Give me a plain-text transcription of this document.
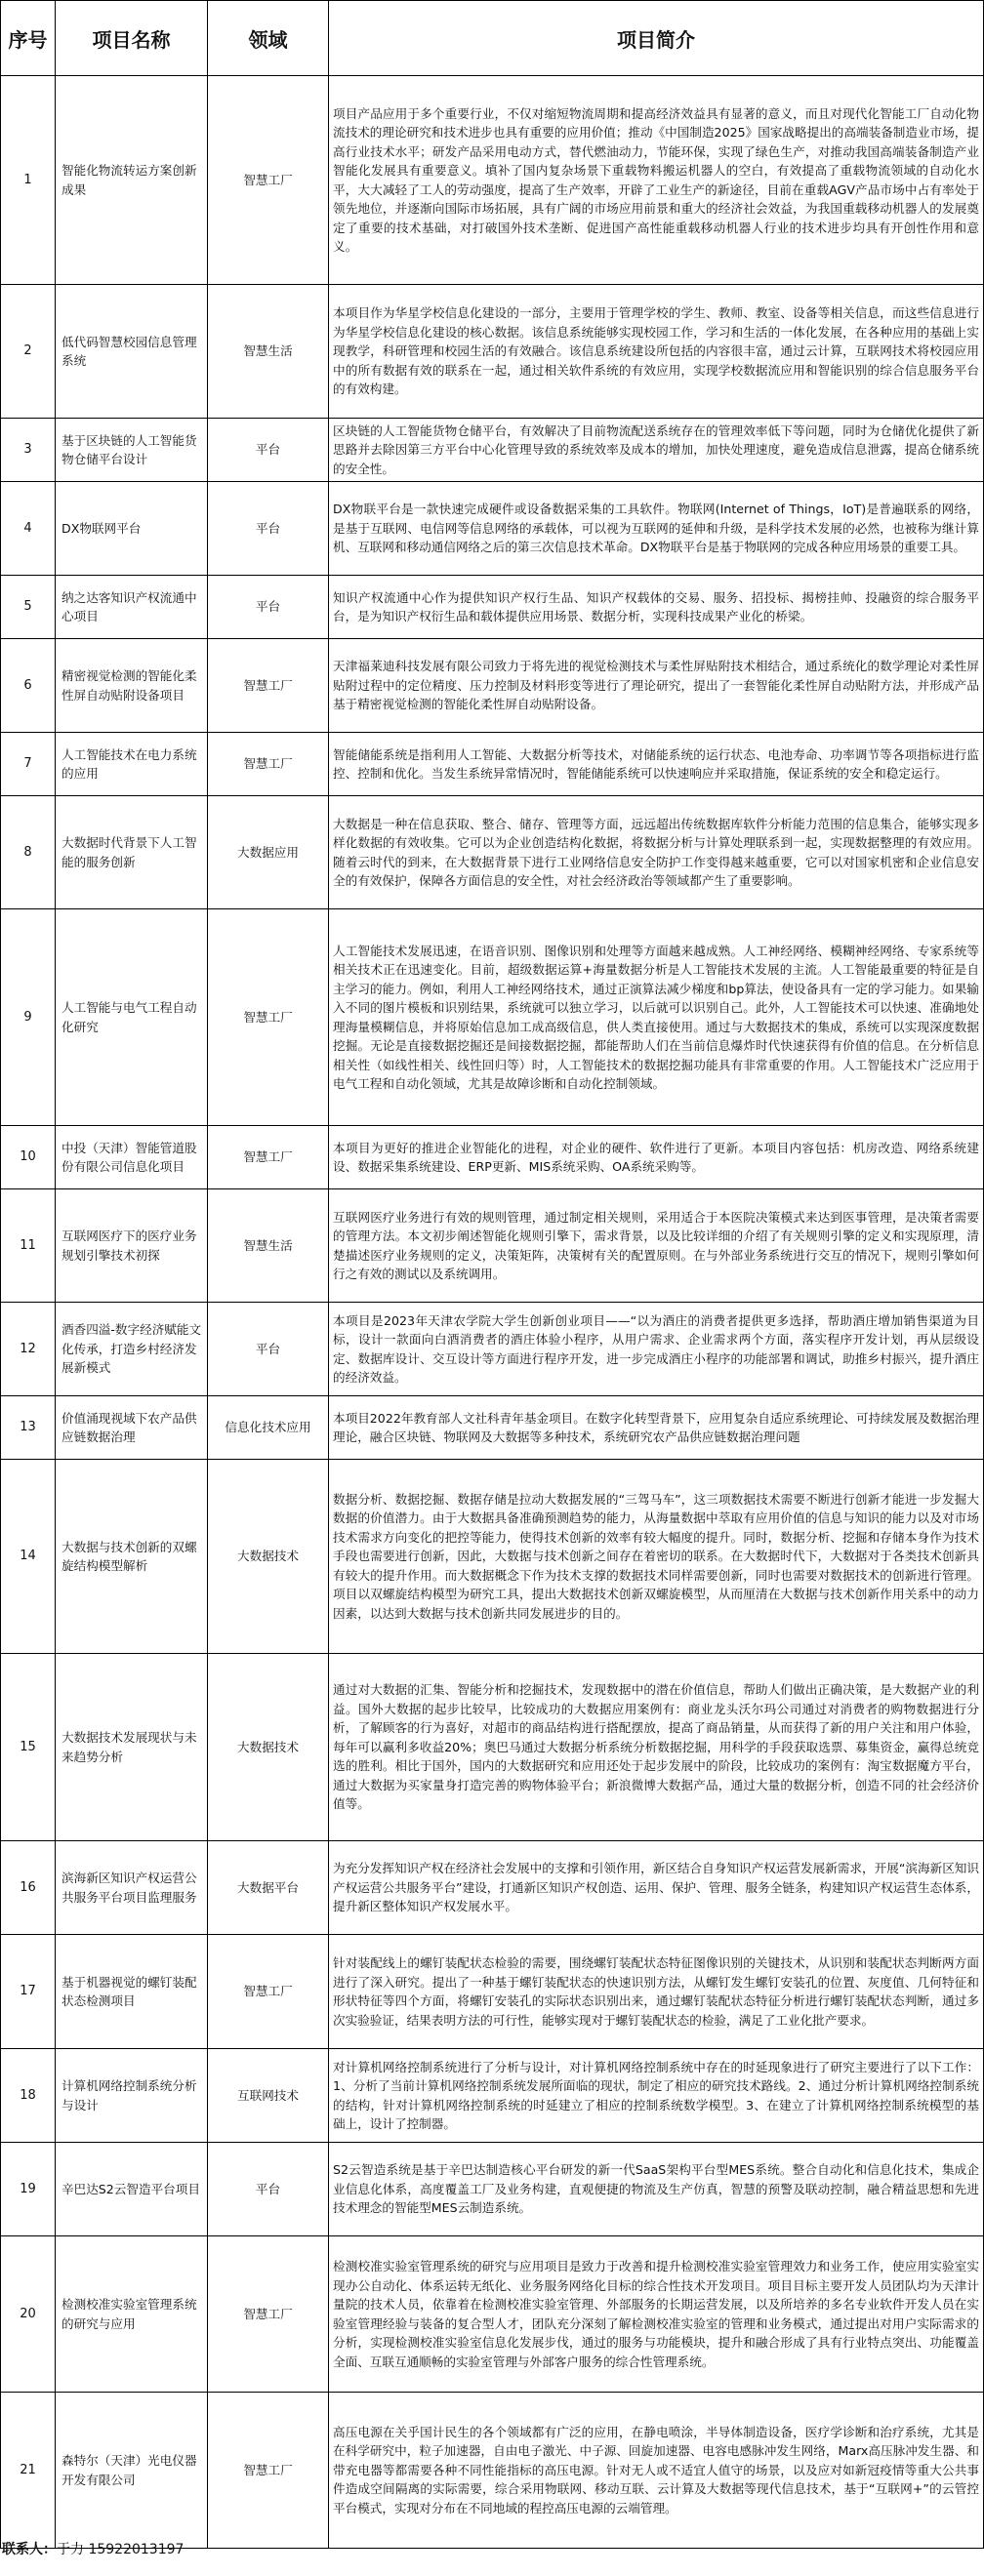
序号	项目名称	领域	项目简介
1	智能化物流转运方案创新成果	智慧工厂	项目产品应用于多个重要行业，不仅对缩短物流周期和提高经济效益具有显著的意义，而且对现代化智能工厂自动化物流技术的理论研究和技术进步也具有重要的应用价值；推动《中国制造2025》国家战略提出的高端装备制造业市场，提高行业技术水平；研发产品采用电动方式，替代燃油动力，节能环保，实现了绿色生产，对推动我国高端装备制造产业智能化发展具有重要意义。填补了国内复杂场景下重载物料搬运机器人的空白，有效提高了重载物流领域的自动化水平，大大减轻了工人的劳动强度，提高了生产效率，开辟了工业生产的新途径，目前在重载AGV产品市场中占有率处于领先地位，并逐渐向国际市场拓展，具有广阔的市场应用前景和重大的经济社会效益，为我国重载移动机器人的发展奠定了重要的技术基础，对打破国外技术垄断、促进国产高性能重载移动机器人行业的技术进步均具有开创性作用和意义。
2	低代码智慧校园信息管理系统	智慧生活	本项目作为华星学校信息化建设的一部分，主要用于管理学校的学生、教师、教室、设备等相关信息，而这些信息进行为华星学校信息化建设的核心数据。该信息系统能够实现校园工作，学习和生活的一体化发展，在各种应用的基础上实现教学，科研管理和校园生活的有效融合。该信息系统建设所包括的内容很丰富，通过云计算，互联网技术将校园应用中的所有数据有效的联系在一起，通过相关软件系统的有效应用，实现学校数据流应用和智能识别的综合信息服务平台的有效构建。
3	基于区块链的人工智能货物仓储平台设计	平台	区块链的人工智能货物仓储平台，有效解决了目前物流配送系统存在的管理效率低下等问题，同时为仓储优化提供了新思路并去除因第三方平台中心化管理导致的系统效率及成本的增加，加快处理速度，避免造成信息泄露，提高仓储系统的安全性。
4	DX物联网平台	平台	DX物联平台是一款快速完成硬件或设备数据采集的工具软件。物联网(Internet of Things，IoT)是普遍联系的网络，是基于互联网、电信网等信息网络的承载体，可以视为互联网的延伸和升级，是科学技术发展的必然，也被称为继计算机、互联网和移动通信网络之后的第三次信息技术革命。DX物联平台是基于物联网的完成各种应用场景的重要工具。
5	纳之达客知识产权流通中心项目	平台	知识产权流通中心作为提供知识产权行生品、知识产权载体的交易、服务、招投标、揭榜挂帅、投融资的综合服务平台，是为知识产权衍生品和载体提供应用场景、数据分析，实现科技成果产业化的桥梁。
6	精密视觉检测的智能化柔性屏自动贴附设备项目	智慧工厂	天津福莱迪科技发展有限公司致力于将先进的视觉检测技术与柔性屏贴附技术相结合，通过系统化的数学理论对柔性屏贴附过程中的定位精度、压力控制及材料形变等进行了理论研究，提出了一套智能化柔性屏自动贴附方法，并形成产品基于精密视觉检测的智能化柔性屏自动贴附设备。
7	人工智能技术在电力系统的应用	智慧工厂	智能储能系统是指利用人工智能、大数据分析等技术，对储能系统的运行状态、电池寿命、功率调节等各项指标进行监控、控制和优化。当发生系统异常情况时，智能储能系统可以快速响应并采取措施，保证系统的安全和稳定运行。
8	大数据时代背景下人工智能的服务创新	大数据应用	大数据是一种在信息获取、整合、储存、管理等方面，远远超出传统数据库软件分析能力范围的信息集合，能够实现多样化数据的有效收集。它可以为企业创造结构化数据，将数据分析与计算处理联系到一起，实现数据整理的有效应用。随着云时代的到来，在大数据背景下进行工业网络信息安全防护工作变得越来越重要，它可以对国家机密和企业信息安全的有效保护，保障各方面信息的安全性，对社会经济政治等领域都产生了重要影响。
9	人工智能与电气工程自动化研究	智慧工厂	人工智能技术发展迅速，在语音识别、图像识别和处理等方面越来越成熟。人工神经网络、模糊神经网络、专家系统等相关技术正在迅速变化。目前，超级数据运算+海量数据分析是人工智能技术发展的主流。人工智能最重要的特征是自主学习的能力。例如，利用人工神经网络技术，通过正演算法减少梯度和bp算法，使设备具有一定的学习能力。如果输入不同的图片模板和识别结果，系统就可以独立学习，以后就可以识别自己。此外，人工智能技术可以快速、准确地处理海量模糊信息，并将原始信息加工成高级信息，供人类直接使用。通过与大数据技术的集成，系统可以实现深度数据挖掘。无论是直接数据挖掘还是间接数据挖掘，都能帮助人们在当前信息爆炸时代快速获得有价值的信息。在分析信息相关性（如线性相关、线性回归等）时，人工智能技术的数据挖掘功能具有非常重要的作用。人工智能技术广泛应用于电气工程和自动化领域，尤其是故障诊断和自动化控制领域。
10	中投（天津）智能管道股份有限公司信息化项目	智慧工厂	本项目为更好的推进企业智能化的进程，对企业的硬件、软件进行了更新。本项目内容包括：机房改造、网络系统建设、数据采集系统建设、ERP更新、MIS系统采购、OA系统采购等。
11	互联网医疗下的医疗业务规划引擎技术初探	智慧生活	互联网医疗业务进行有效的规则管理，通过制定相关规则，采用适合于本医院决策模式来达到医事管理，是决策者需要的管理方法。本文初步阐述智能化规则引擎下，需求背景，以及比较详细的介绍了有关规则引擎的定义和实现原理，清楚描述医疗业务规则的定义，决策矩阵，决策树有关的配置原则。在与外部业务系统进行交互的情况下，规则引擎如何行之有效的测试以及系统调用。
12	酒香四溢-数字经济赋能文化传承，打造乡村经济发展新模式	平台	本项目是2023年天津农学院大学生创新创业项目——“以为酒庄的消费者提供更多选择，帮助酒庄增加销售渠道为目标，设计一款面向白酒消费者的酒庄体验小程序，从用户需求、企业需求两个方面，落实程序开发计划，再从层级设定、数据库设计、交互设计等方面进行程序开发，进一步完成酒庄小程序的功能部署和调试，助推乡村振兴，提升酒庄的经济效益。
13	价值涌现视域下农产品供应链数据治理	信息化技术应用	本项目2022年教育部人文社科青年基金项目。在数字化转型背景下，应用复杂自适应系统理论、可持续发展及数据治理理论，融合区块链、物联网及大数据等多种技术，系统研究农产品供应链数据治理问题
14	大数据与技术创新的双螺旋结构模型解析	大数据技术	数据分析、数据挖掘、数据存储是拉动大数据发展的“三驾马车”，这三项数据技术需要不断进行创新才能进一步发掘大数据的价值潜力。由于大数据具备准确预测趋势的能力，从海量数据中萃取有应用价值的信息与知识的能力以及对市场技术需求方向变化的把控等能力，使得技术创新的效率有较大幅度的提升。同时，数据分析、挖掘和存储本身作为技术手段也需要进行创新，因此，大数据与技术创新之间存在着密切的联系。在大数据时代下，大数据对于各类技术创新具有较大的提升作用。而大数据概念下作为技术支撑的数据技术同样需要创新，同时也需要对数据技术的创新进行管理。项目以双螺旋结构模型为研究工具，提出大数据技术创新双螺旋模型，从而厘清在大数据与技术创新作用关系中的动力因素，以达到大数据与技术创新共同发展进步的目的。
15	大数据技术发展现状与未来趋势分析	大数据技术	通过对大数据的汇集、智能分析和挖掘技术，发现数据中的潜在价值信息，帮助人们做出正确决策，是大数据产业的利益。国外大数据的起步比较早，比较成功的大数据应用案例有：商业龙头沃尔玛公司通过对消费者的购物数据进行分析，了解顾客的行为喜好，对超市的商品结构进行搭配摆放，提高了商品销量，从而获得了新的用户关注和用户体验，每年可以赢利多收益20%；奥巴马通过大数据分析系统分析数据挖掘，用科学的手段获取选票、募集资金，赢得总统竞选的胜利。相比于国外，国内的大数据研究和应用还处于起步发展中的阶段，比较成功的案例有：淘宝数据魔方平台，通过大数据为买家量身打造完善的购物体验平台；新浪微博大数据产品，通过大量的数据分析，创造不同的社会经济价值等。
16	滨海新区知识产权运营公共服务平台项目监理服务	大数据平台	为充分发挥知识产权在经济社会发展中的支撑和引领作用，新区结合自身知识产权运营发展新需求，开展“滨海新区知识产权运营公共服务平台”建设，打通新区知识产权创造、运用、保护、管理、服务全链条，构建知识产权运营生态体系，提升新区整体知识产权发展水平。
17	基于机器视觉的螺钉装配状态检测项目	智慧工厂	针对装配线上的螺钉装配状态检验的需要，围绕螺钉装配状态特征图像识别的关键技术，从识别和装配状态判断两方面进行了深入研究。提出了一种基于螺钉装配状态的快速识别方法，从螺钉发生螺钉安装孔的位置、灰度值、几何特征和形状特征等四个方面，将螺钉安装孔的实际状态识别出来，通过螺钉装配状态特征分析进行螺钉装配状态判断，通过多次实验验证，结果表明方法的可行性，能够实现对于螺钉装配状态的检验，满足了工业化批产要求。
18	计算机网络控制系统分析与设计	互联网技术	对计算机网络控制系统进行了分析与设计，对计算机网络控制系统中存在的时延现象进行了研究主要进行了以下工作：1、分析了当前计算机网络控制系统发展所面临的现状，制定了相应的研究技术路线。2、通过分析计算机网络控制系统的结构，针对计算机网络控制系统的时延建立了相应的控制系统数学模型。3、在建立了计算机网络控制系统模型的基础上，设计了控制器。
19	辛巴达S2云智造平台项目	平台	S2云智造系统是基于辛巴达制造核心平台研发的新一代SaaS架构平台型MES系统。整合自动化和信息化技术，集成企业信息化体系，高度覆盖工厂及业务构建，直观便捷的物流及生产仿真，智慧的预警及联动控制，融合精益思想和先进技术理念的智能型MES云制造系统。
20	检测校准实验室管理系统的研究与应用	智慧工厂	检测校准实验室管理系统的研究与应用项目是致力于改善和提升检测校准实验室管理效力和业务工作，使应用实验室实现办公自动化、体系运转无纸化、业务服务网络化目标的综合性技术开发项目。项目目标主要开发人员团队均为天津计量院的技术人员，依靠着在检测校准实验室管理、外部服务的长期运营发展，以及所培养的多名专业软件开发人员在实验室管理经验与装备的复合型人才，团队充分深刻了解检测校准实验室的管理和业务模式，通过提出对用户实际需求的分析，实现检测校准实验室信息化发展步伐，通过的服务与功能模块，提升和融合形成了具有行业特点突出、功能覆盖全面、互联互通顺畅的实验室管理与外部客户服务的综合性管理系统。
21	森特尔（天津）光电仪器开发有限公司	智慧工厂	高压电源在关乎国计民生的各个领域都有广泛的应用，在静电喷涂，半导体制造设备，医疗学诊断和治疗系统，尤其是在科学研究中，粒子加速器，自由电子激光、中子源、回旋加速器、电容电感脉冲发生网络，Marx高压脉冲发生器、和带充电器等都需要各种不同性能指标的高压电源。针对无人或不适宜人值守的场景，以及应对如新冠疫情等重大公共事件造成空间隔离的实际需要，综合采用物联网、移动互联、云计算及大数据等现代信息技术，基于“互联网+”的云管控平台模式，实现对分布在不同地域的程控高压电源的云端管理。
联系人：于力 15922013197
